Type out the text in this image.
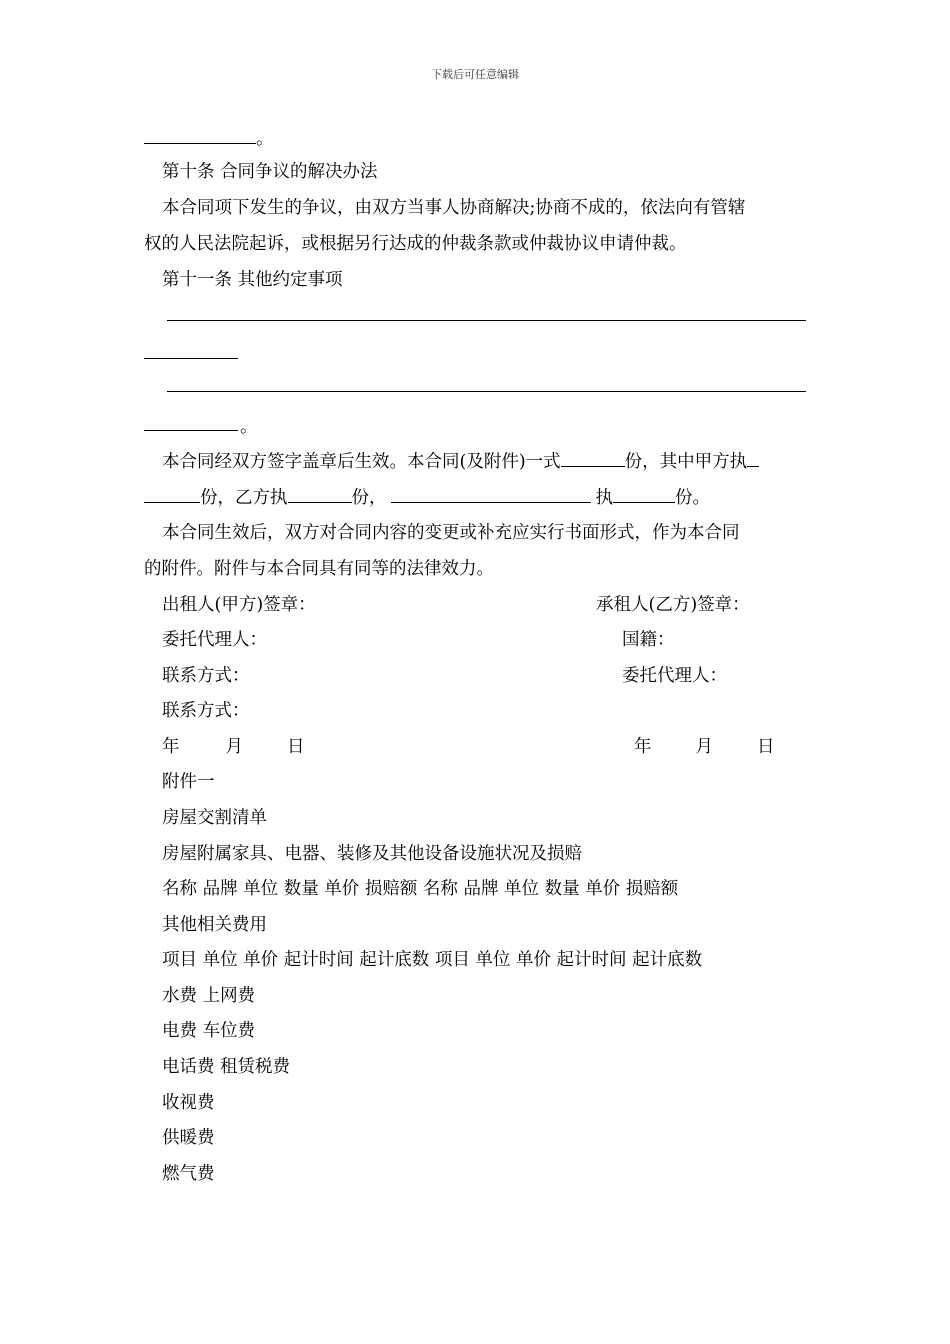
下载后可任意编辑
。
第十条 合同争议的解决办法
本合同项下发生的争议，由双方当事人协商解决;协商不成的，依法向有管辖
权的人民法院起诉，或根据另行达成的仲裁条款或仲裁协议申请仲裁。
第十一条 其他约定事项
。
本合同经双方签字盖章后生效。本合同(及附件)一式	份，其中甲方执
份，乙方执	份，	执	份。
本合同生效后，双方对合同内容的变更或补充应实行书面形式，作为本合同
的附件。附件与本合同具有同等的法律效力。
出租人(甲方)签章：	承租人(乙方)签章：
委托代理人：	国籍：
联系方式：	委托代理人：
联系方式：
年	月	日	年	月	日
附件一
房屋交割清单
房屋附属家具、电器、装修及其他设备设施状况及损赔
名称 品牌 单位 数量 单价 损赔额 名称 品牌 单位 数量 单价 损赔额
其他相关费用
项目 单位 单价 起计时间 起计底数 项目 单位 单价 起计时间 起计底数
水费 上网费
电费 车位费
电话费 租赁税费
收视费
供暖费
燃气费
